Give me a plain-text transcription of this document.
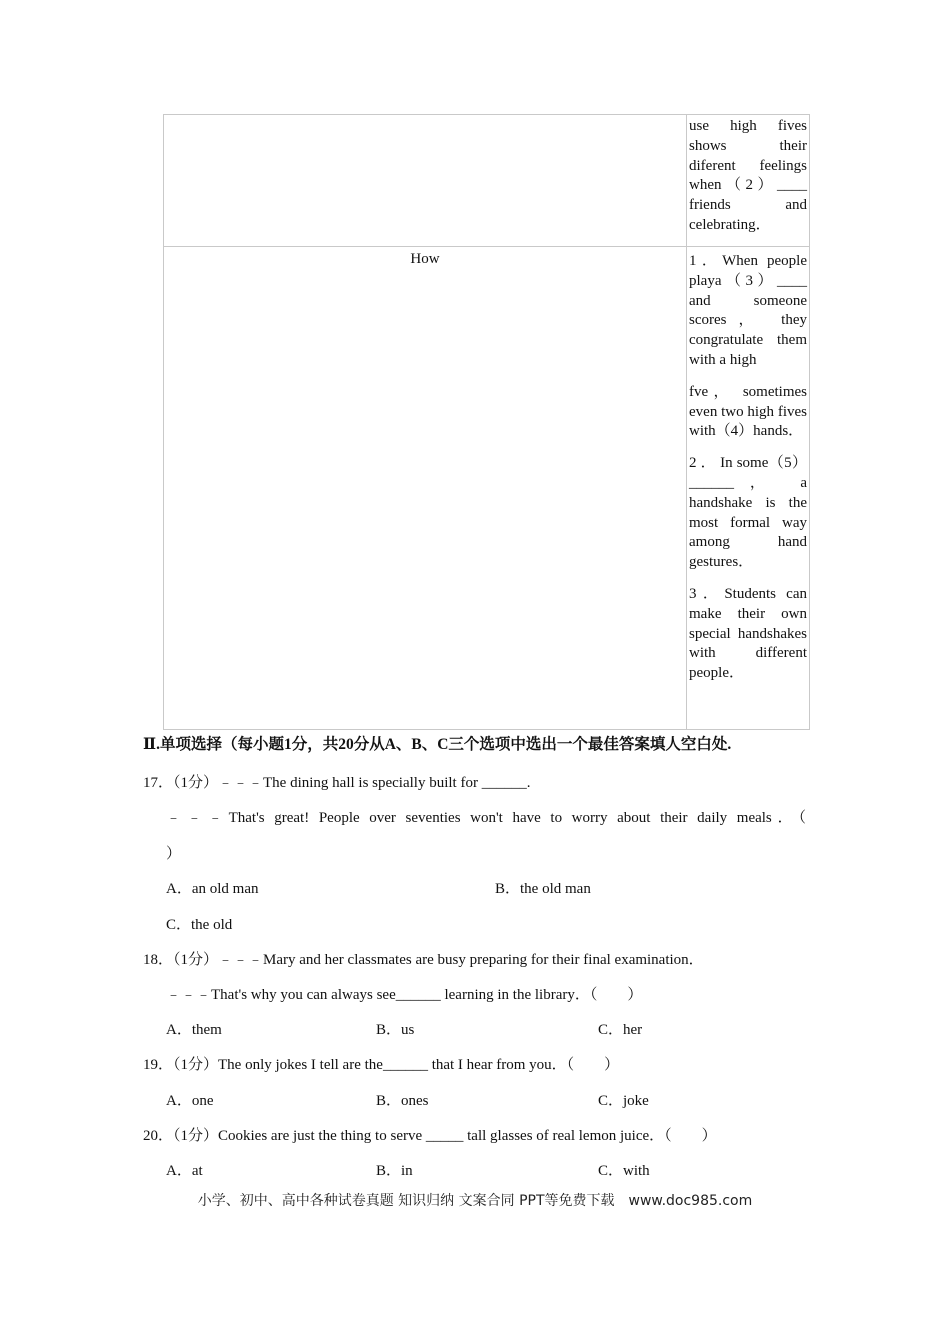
	use high fives shows their diferent feelings when（2）____ friends and celebrating．

How	1．When people playa（3）____ and someone scores， they congratulate them with a high
fve， sometimes even two high fives with（4）hands．
2 ． In some（5）______， a handshake is the most formal way among hand gestures．
3．Students can make their own special handshakes with different people．
Ⅱ.单项选择（每小题1分，共20分从A、B、C三个选项中选出一个最佳答案填人空白处.
17．（1分）﹣﹣﹣The dining hall is specially built for ______.
﹣﹣﹣That's great! People over seventies won't have to worry about their daily meals．（
）
A．an old man	B．the old man
C．the old
18．（1分）﹣﹣﹣Mary and her classmates are busy preparing for their final examination．
﹣﹣﹣That's why you can always see______ learning in the library．（　　）
A．them	B．us	C．her
19．（1分）The only jokes I tell are the______ that I hear from you．（　　）
A．one	B．ones	C．joke
20．（1分）Cookies are just the thing to serve _____ tall glasses of real lemon juice．（　　）
A．at	B．in	C．with
小学、初中、高中各种试卷真题 知识归纳 文案合同 PPT等免费下载　www.doc985.com
